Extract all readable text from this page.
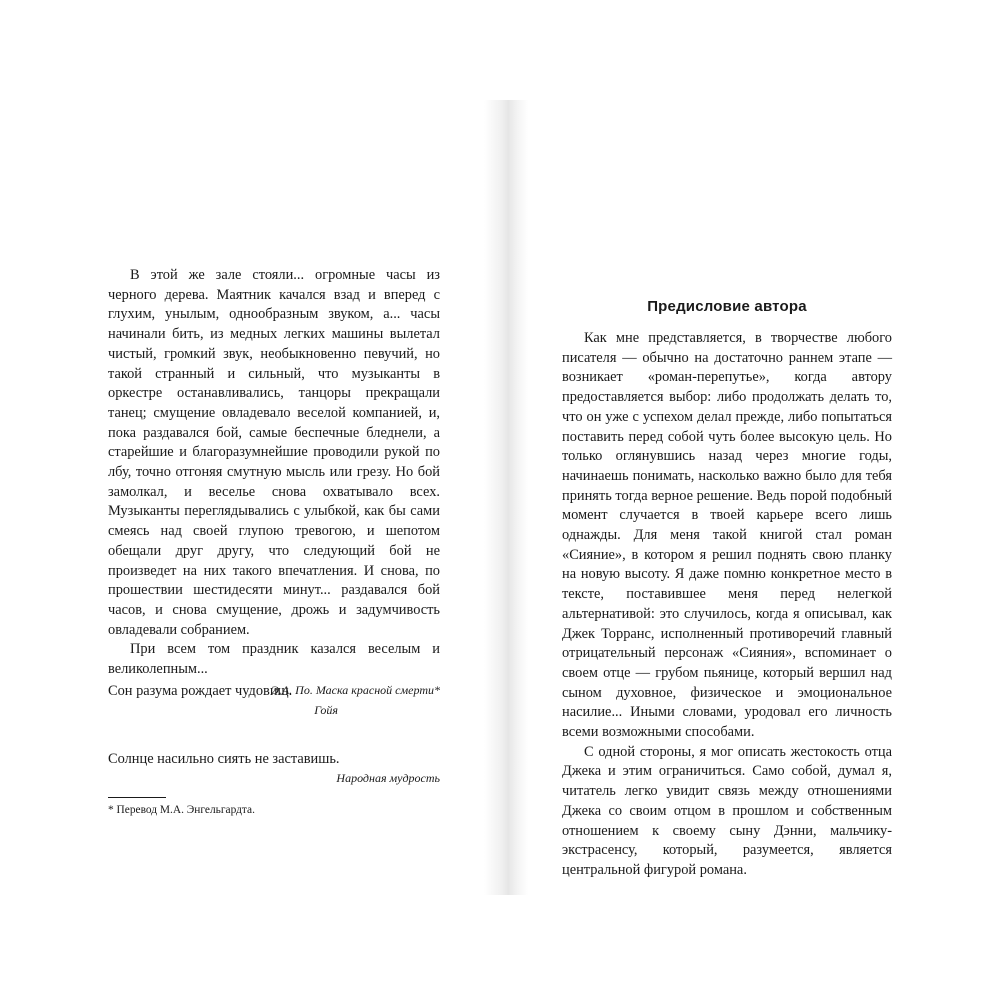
В этой же зале стояли... огромные часы из черного дерева. Маятник качался взад и вперед с глухим, унылым, однообразным звуком, а... часы начинали бить, из медных легких машины вылетал чистый, громкий звук, необыкновенно певучий, но такой странный и сильный, что музыканты в оркестре останавливались, танцоры прекращали танец; смущение овладевало веселой компанией, и, пока раздавался бой, самые беспечные бледнели, а старейшие и благоразумнейшие проводили рукой по лбу, точно отгоняя смутную мысль или грезу. Но бой замолкал, и веселье снова охватывало всех. Музыканты переглядывались с улыбкой, как бы сами смеясь над своей глупою тревогою, и шепотом обещали друг другу, что следующий бой не произведет на них такого впечатления. И снова, по прошествии шестидесяти минут... раздавался бой часов, и снова смущение, дрожь и задумчивость овладевали собранием.

При всем том праздник казался веселым и великолепным...

Э.А. По. Маска красной смерти*

Сон разума рождает чудовищ.

Гойя

Солнце насильно сиять не заставишь.

Народная мудрость

* Перевод М.А. Энгельгардта.

Предисловие автора

Как мне представляется, в творчестве любого писателя — обычно на достаточно раннем этапе — возникает «роман-перепутье», когда автору предоставляется выбор: либо продолжать делать то, что он уже с успехом делал прежде, либо попытаться поставить перед собой чуть более высокую цель. Но только оглянувшись назад через многие годы, начинаешь понимать, насколько важно было для тебя принять тогда верное решение. Ведь порой подобный момент случается в твоей карьере всего лишь однажды. Для меня такой книгой стал роман «Сияние», в котором я решил поднять свою планку на новую высоту. Я даже помню конкретное место в тексте, поставившее меня перед нелегкой альтернативой: это случилось, когда я описывал, как Джек Торранс, исполненный противоречий главный отрицательный персонаж «Сияния», вспоминает о своем отце — грубом пьянице, который вершил над сыном духовное, физическое и эмоциональное насилие... Иными словами, уродовал его личность всеми возможными способами.

С одной стороны, я мог описать жестокость отца Джека и этим ограничиться. Само собой, думал я, читатель легко увидит связь между отношениями Джека со своим отцом в прошлом и собственным отношением к своему сыну Дэнни, мальчику-экстрасенсу, который, разумеется, является центральной фигурой романа.
